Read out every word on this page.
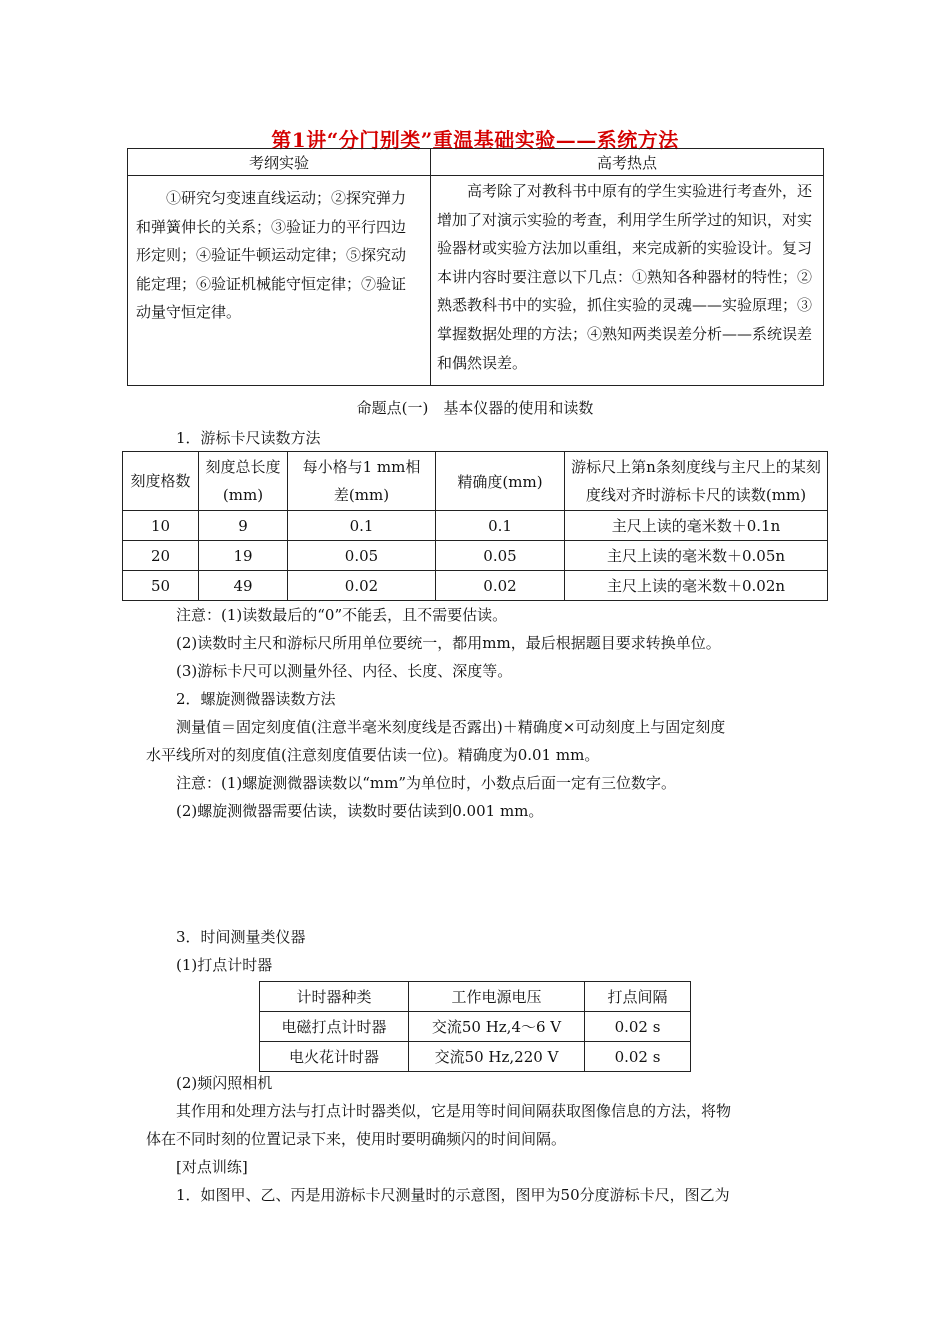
第1讲“分门别类”重温基础实验——系统方法
考纲实验	高考热点

①研究匀变速直线运动；②探究弹力和弹簧伸长的关系；③验证力的平行四边形定则；④验证牛顿运动定律；⑤探究动能定理；⑥验证机械能守恒定律；⑦验证动量守恒定律。	高考除了对教科书中原有的学生实验进行考查外，还增加了对演示实验的考查，利用学生所学过的知识，对实验器材或实验方法加以重组，来完成新的实验设计。复习本讲内容时要注意以下几点：①熟知各种器材的特性；②熟悉教科书中的实验，抓住实验的灵魂——实验原理；③掌握数据处理的方法；④熟知两类误差分析——系统误差和偶然误差。
命题点(一)　基本仪器的使用和读数
1．游标卡尺读数方法
刻度格数	刻度总长度(mm)	每小格与1 mm相差(mm)	精确度(mm)	游标尺上第n条刻度线与主尺上的某刻度线对齐时游标卡尺的读数(mm)
10	9	0.1	0.1	主尺上读的毫米数＋0.1n
20	19	0.05	0.05	主尺上读的毫米数＋0.05n
50	49	0.02	0.02	主尺上读的毫米数＋0.02n
注意：(1)读数最后的“0”不能丢，且不需要估读。
(2)读数时主尺和游标尺所用单位要统一，都用mm，最后根据题目要求转换单位。
(3)游标卡尺可以测量外径、内径、长度、深度等。
2．螺旋测微器读数方法
测量值＝固定刻度值(注意半毫米刻度线是否露出)＋精确度×可动刻度上与固定刻度
水平线所对的刻度值(注意刻度值要估读一位)。精确度为0.01 mm。
注意：(1)螺旋测微器读数以“mm”为单位时，小数点后面一定有三位数字。
(2)螺旋测微器需要估读，读数时要估读到0.001 mm。
3．时间测量类仪器
(1)打点计时器
计时器种类	工作电源电压	打点间隔
电磁打点计时器	交流50 Hz,4～6 V	0.02 s
电火花计时器	交流50 Hz,220 V	0.02 s
(2)频闪照相机
其作用和处理方法与打点计时器类似，它是用等时间间隔获取图像信息的方法，将物
体在不同时刻的位置记录下来，使用时要明确频闪的时间间隔。
[对点训练]
1．如图甲、乙、丙是用游标卡尺测量时的示意图，图甲为50分度游标卡尺，图乙为
